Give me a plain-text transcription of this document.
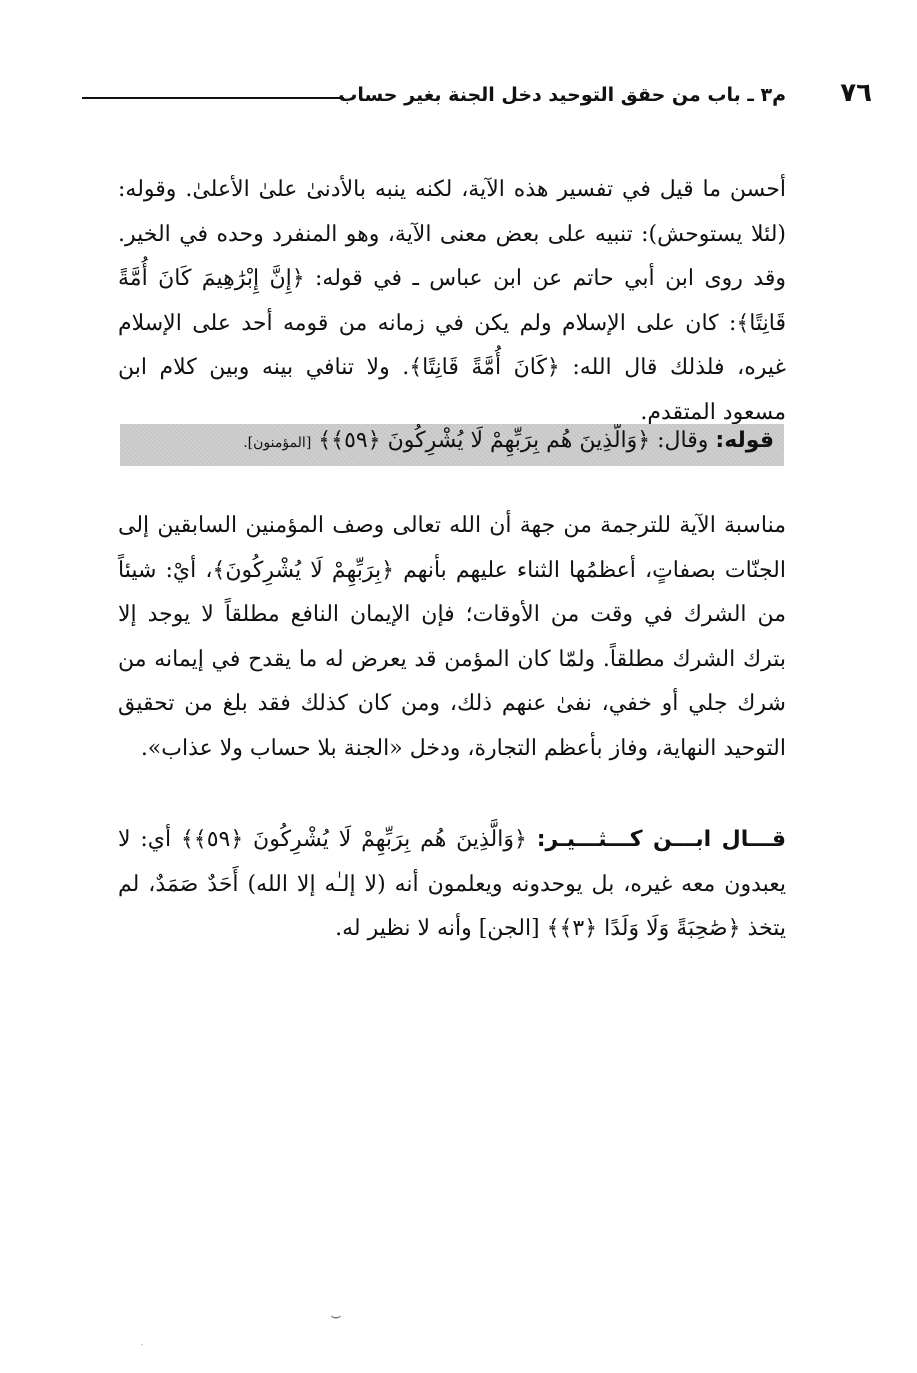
٧٦
م٣ ـ باب من حقق التوحيد دخل الجنة بغير حساب

أحسن ما قيل في تفسير هذه الآية، لكنه ينبه بالأدنىٰ علىٰ الأعلىٰ. وقوله: (لئلا يستوحش): تنبيه على بعض معنى الآية، وهو المنفرد وحده في الخير. وقد روى ابن أبي حاتم عن ابن عباس ـ في قوله: ﴿إِنَّ إِبْرَٰهِيمَ كَانَ أُمَّةً قَانِتًا﴾: كان على الإسلام ولم يكن في زمانه من قومه أحد على الإسلام غيره، فلذلك قال الله: ﴿كَانَ أُمَّةً قَانِتًا﴾. ولا تنافي بينه وبين كلام ابن مسعود المتقدم.

قوله: وقال: ﴿وَالَّذِينَ هُم بِرَبِّهِمْ لَا يُشْرِكُونَ ﴿٥٩﴾﴾ [المؤمنون].

مناسبة الآية للترجمة من جهة أن الله تعالى وصف المؤمنين السابقين إلى الجنّات بصفاتٍ، أعظمُها الثناء عليهم بأنهم ﴿بِرَبِّهِمْ لَا يُشْرِكُونَ﴾، أيْ: شيئاً من الشرك في وقت من الأوقات؛ فإن الإيمان النافع مطلقاً لا يوجد إلا بترك الشرك مطلقاً. ولمّا كان المؤمن قد يعرض له ما يقدح في إيمانه من شرك جلي أو خفي، نفىٰ عنهم ذلك، ومن كان كذلك فقد بلغ من تحقيق التوحيد النهاية، وفاز بأعظم التجارة، ودخل «الجنة بلا حساب ولا عذاب».

قـــال ابـــن كـــثـــيـر: ﴿وَالَّذِينَ هُم بِرَبِّهِمْ لَا يُشْرِكُونَ ﴿٥٩﴾﴾ أي: لا يعبدون معه غيره، بل يوحدونه ويعلمون أنه (لا إلـٰه إلا الله) أَحَدٌ صَمَدٌ، لم يتخذ ﴿صَٰحِبَةً وَلَا وَلَدًا ﴿٣﴾﴾ [الجن] وأنه لا نظير له.

⌣
·
